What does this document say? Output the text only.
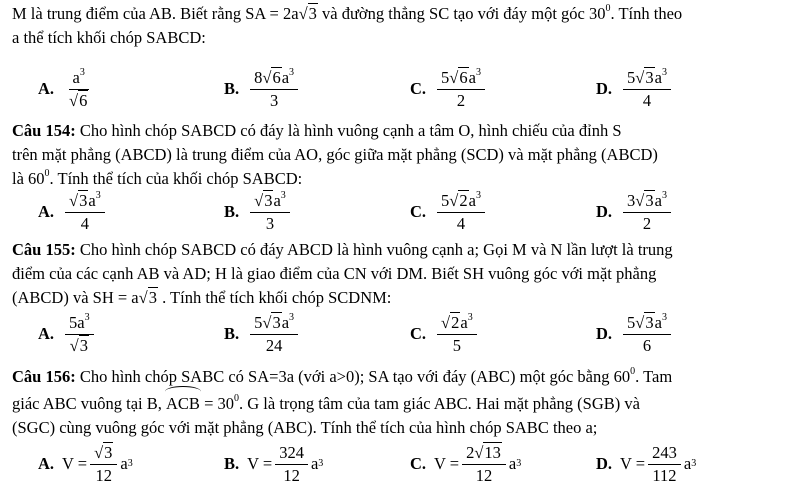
M là trung điểm của AB. Biết rằng SA = 2a√3 và đường thẳng SC tạo với đáy một góc $30^0$. Tính theo
a thể tích khối chóp SABCD:
A. $\frac{a^3}{√6}$	B. $\frac{8√6a^3}{3}$	C. $\frac{5√6a^3}{2}$	D. $\frac{5√3a^3}{4}$
Câu 154: Cho hình chóp SABCD có đáy là hình vuông cạnh a tâm O, hình chiếu của đỉnh S
trên mặt phẳng (ABCD) là trung điểm của AO, góc giữa mặt phẳng (SCD) và mặt phẳng (ABCD)
là $60^0$. Tính thể tích của khối chóp SABCD:
A. $\frac{√3a^3}{4}$	B. $\frac{√3a^3}{3}$	C. $\frac{5√2a^3}{4}$	D. $\frac{3√3a^3}{2}$
Câu 155: Cho hình chóp SABCD có đáy ABCD là hình vuông cạnh a; Gọi M và N lần lượt là trung
điểm của các cạnh AB và AD; H là giao điểm của CN với DM. Biết SH vuông góc với mặt phẳng
(ABCD) và SH = a√3 . Tính thể tích khối chóp SCDNM:
A. $\frac{5a^3}{√3}$	B. $\frac{5√3a^3}{24}$	C. $\frac{√2a^3}{5}$	D. $\frac{5√3a^3}{6}$
Câu 156: Cho hình chóp SABC có SA=3a (với a>0); SA tạo với đáy (ABC) một góc bằng $60^0$. Tam
giác ABC vuông tại B, ACB = $30^0$. G là trọng tâm của tam giác ABC. Hai mặt phẳng (SGB) và
(SGC) cùng vuông góc với mặt phẳng (ABC). Tính thể tích của hình chóp SABC theo a;
A. $V = \frac{√3}{12}$ a 3	B. $V = \frac{324}{12}$ a 3	C. $V = \frac{2√13}{12}$ a 3	D. $V = \frac{243}{112}$ a 3
